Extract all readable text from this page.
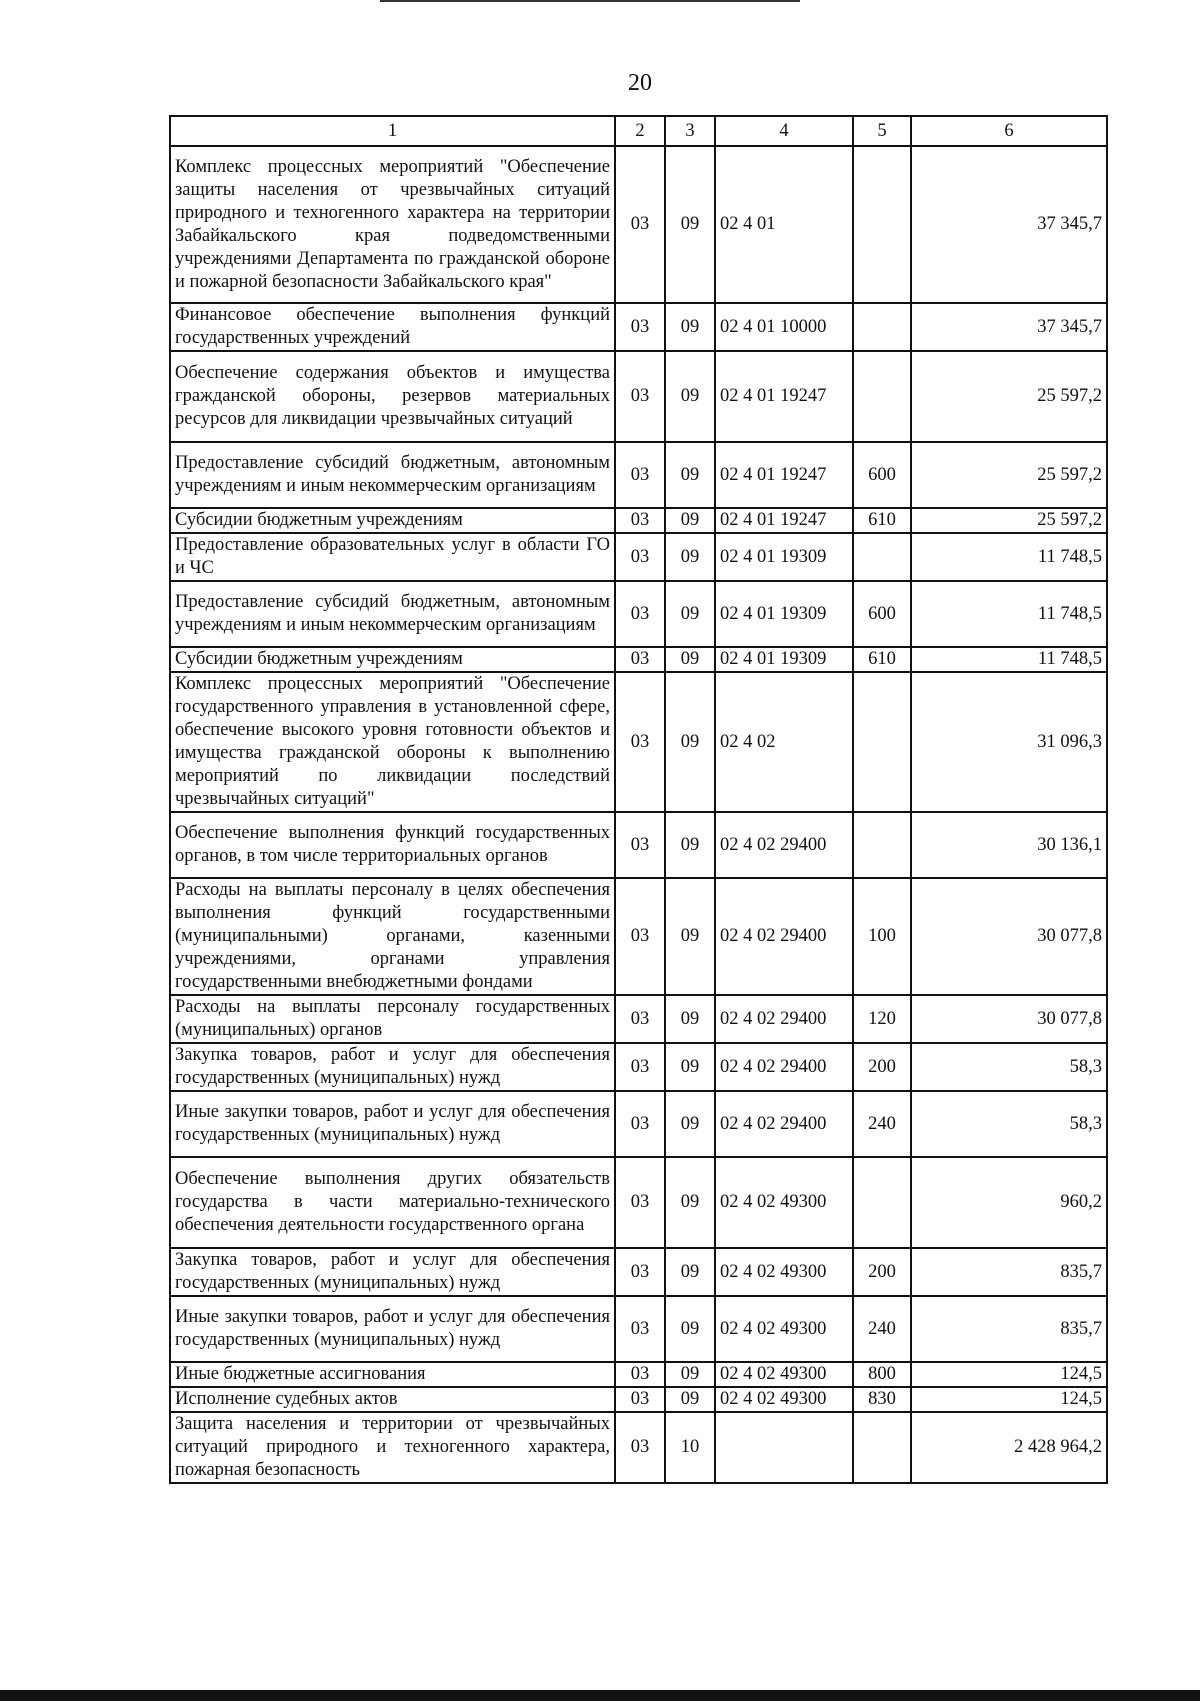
20
1	2	3	4	5	6
Комплекс процессных мероприятий "Обеспечение защиты населения от чрезвычайных ситуаций природного и техногенного характера на территории Забайкальского края подведомственными учреждениями Департамента по гражданской обороне и пожарной безопасности Забайкальского края"	03	09	02 4 01		37 345,7
Финансовое обеспечение выполнения функций государственных учреждений	03	09	02 4 01 10000		37 345,7
Обеспечение содержания объектов и имущества гражданской обороны, резервов материальных ресурсов для ликвидации чрезвычайных ситуаций	03	09	02 4 01 19247		25 597,2
Предоставление субсидий бюджетным, автономным учреждениям и иным некоммерческим организациям	03	09	02 4 01 19247	600	25 597,2
Субсидии бюджетным учреждениям	03	09	02 4 01 19247	610	25 597,2
Предоставление образовательных услуг в области ГО и ЧС	03	09	02 4 01 19309		11 748,5
Предоставление субсидий бюджетным, автономным учреждениям и иным некоммерческим организациям	03	09	02 4 01 19309	600	11 748,5
Субсидии бюджетным учреждениям	03	09	02 4 01 19309	610	11 748,5
Комплекс процессных мероприятий "Обеспечение государственного управления в установленной сфере, обеспечение высокого уровня готовности объектов и имущества гражданской обороны к выполнению мероприятий по ликвидации последствий чрезвычайных ситуаций"	03	09	02 4 02		31 096,3
Обеспечение выполнения функций государственных органов, в том числе территориальных органов	03	09	02 4 02 29400		30 136,1
Расходы на выплаты персоналу в целях обеспечения выполнения функций государственными (муниципальными) органами, казенными учреждениями, органами управления государственными внебюджетными фондами	03	09	02 4 02 29400	100	30 077,8
Расходы на выплаты персоналу государственных (муниципальных) органов	03	09	02 4 02 29400	120	30 077,8
Закупка товаров, работ и услуг для обеспечения государственных (муниципальных) нужд	03	09	02 4 02 29400	200	58,3
Иные закупки товаров, работ и услуг для обеспечения государственных (муниципальных) нужд	03	09	02 4 02 29400	240	58,3
Обеспечение выполнения других обязательств государства в части материально-технического обеспечения деятельности государственного органа	03	09	02 4 02 49300		960,2
Закупка товаров, работ и услуг для обеспечения государственных (муниципальных) нужд	03	09	02 4 02 49300	200	835,7
Иные закупки товаров, работ и услуг для обеспечения государственных (муниципальных) нужд	03	09	02 4 02 49300	240	835,7
Иные бюджетные ассигнования	03	09	02 4 02 49300	800	124,5
Исполнение судебных актов	03	09	02 4 02 49300	830	124,5
Защита населения и территории от чрезвычайных ситуаций природного и техногенного характера, пожарная безопасность	03	10			2 428 964,2
